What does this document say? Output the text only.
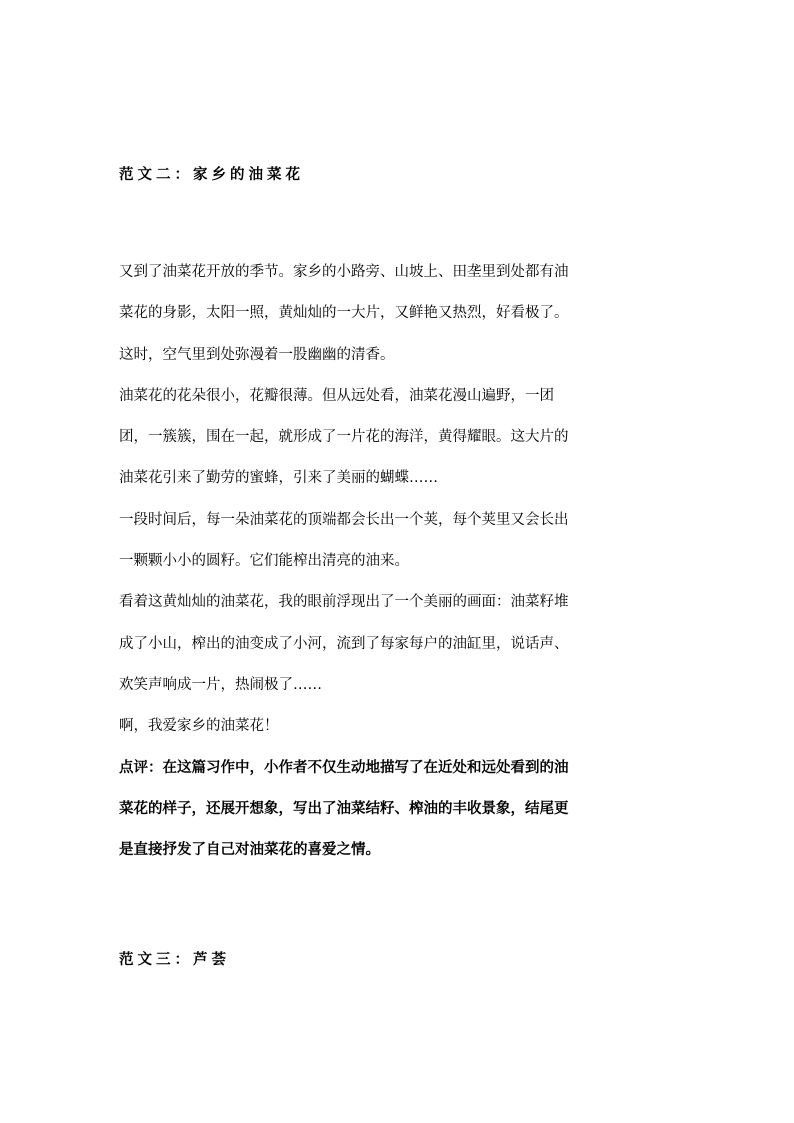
范文二：家乡的油菜花
又到了油菜花开放的季节。家乡的小路旁、山坡上、田垄里到处都有油
菜花的身影，太阳一照，黄灿灿的一大片，又鲜艳又热烈，好看极了。
这时，空气里到处弥漫着一股幽幽的清香。
油菜花的花朵很小，花瓣很薄。但从远处看，油菜花漫山遍野，一团
团，一簇簇，围在一起，就形成了一片花的海洋，黄得耀眼。这大片的
油菜花引来了勤劳的蜜蜂，引来了美丽的蝴蝶……
一段时间后，每一朵油菜花的顶端都会长出一个荚，每个荚里又会长出
一颗颗小小的圆籽。它们能榨出清亮的油来。
看着这黄灿灿的油菜花，我的眼前浮现出了一个美丽的画面：油菜籽堆
成了小山，榨出的油变成了小河，流到了每家每户的油缸里，说话声、
欢笑声响成一片，热闹极了……
啊，我爱家乡的油菜花！
点评：在这篇习作中，小作者不仅生动地描写了在近处和远处看到的油
菜花的样子，还展开想象，写出了油菜结籽、榨油的丰收景象，结尾更
是直接抒发了自己对油菜花的喜爱之情。
范文三：芦荟
